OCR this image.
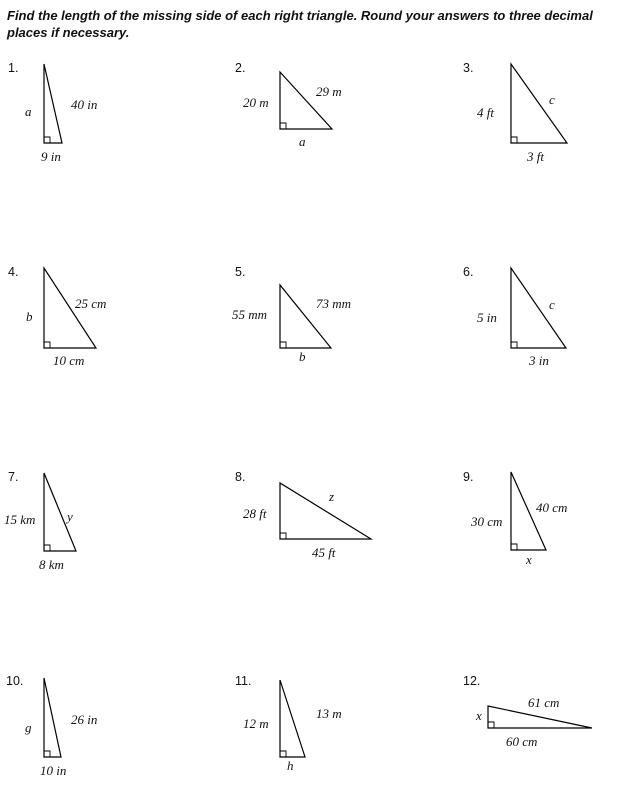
Find the length of the missing side of each right triangle. Round your answers to three decimal places if necessary.
1.
a	40 in
9 in
2.
20 m
29 m
a
3.
4 ft
c
3 ft
4.
b
25 cm
10 cm
5.
55 mm
73 mm
b
6.
5 in
c
3 in
7.
15 km y
8 km
8.
28 ft
z
45 ft
9.
30 cm
40 cm
x
10.
g
26 in
10 in
11.
12 m
13 m
h
12.
x
61 cm
60 cm
